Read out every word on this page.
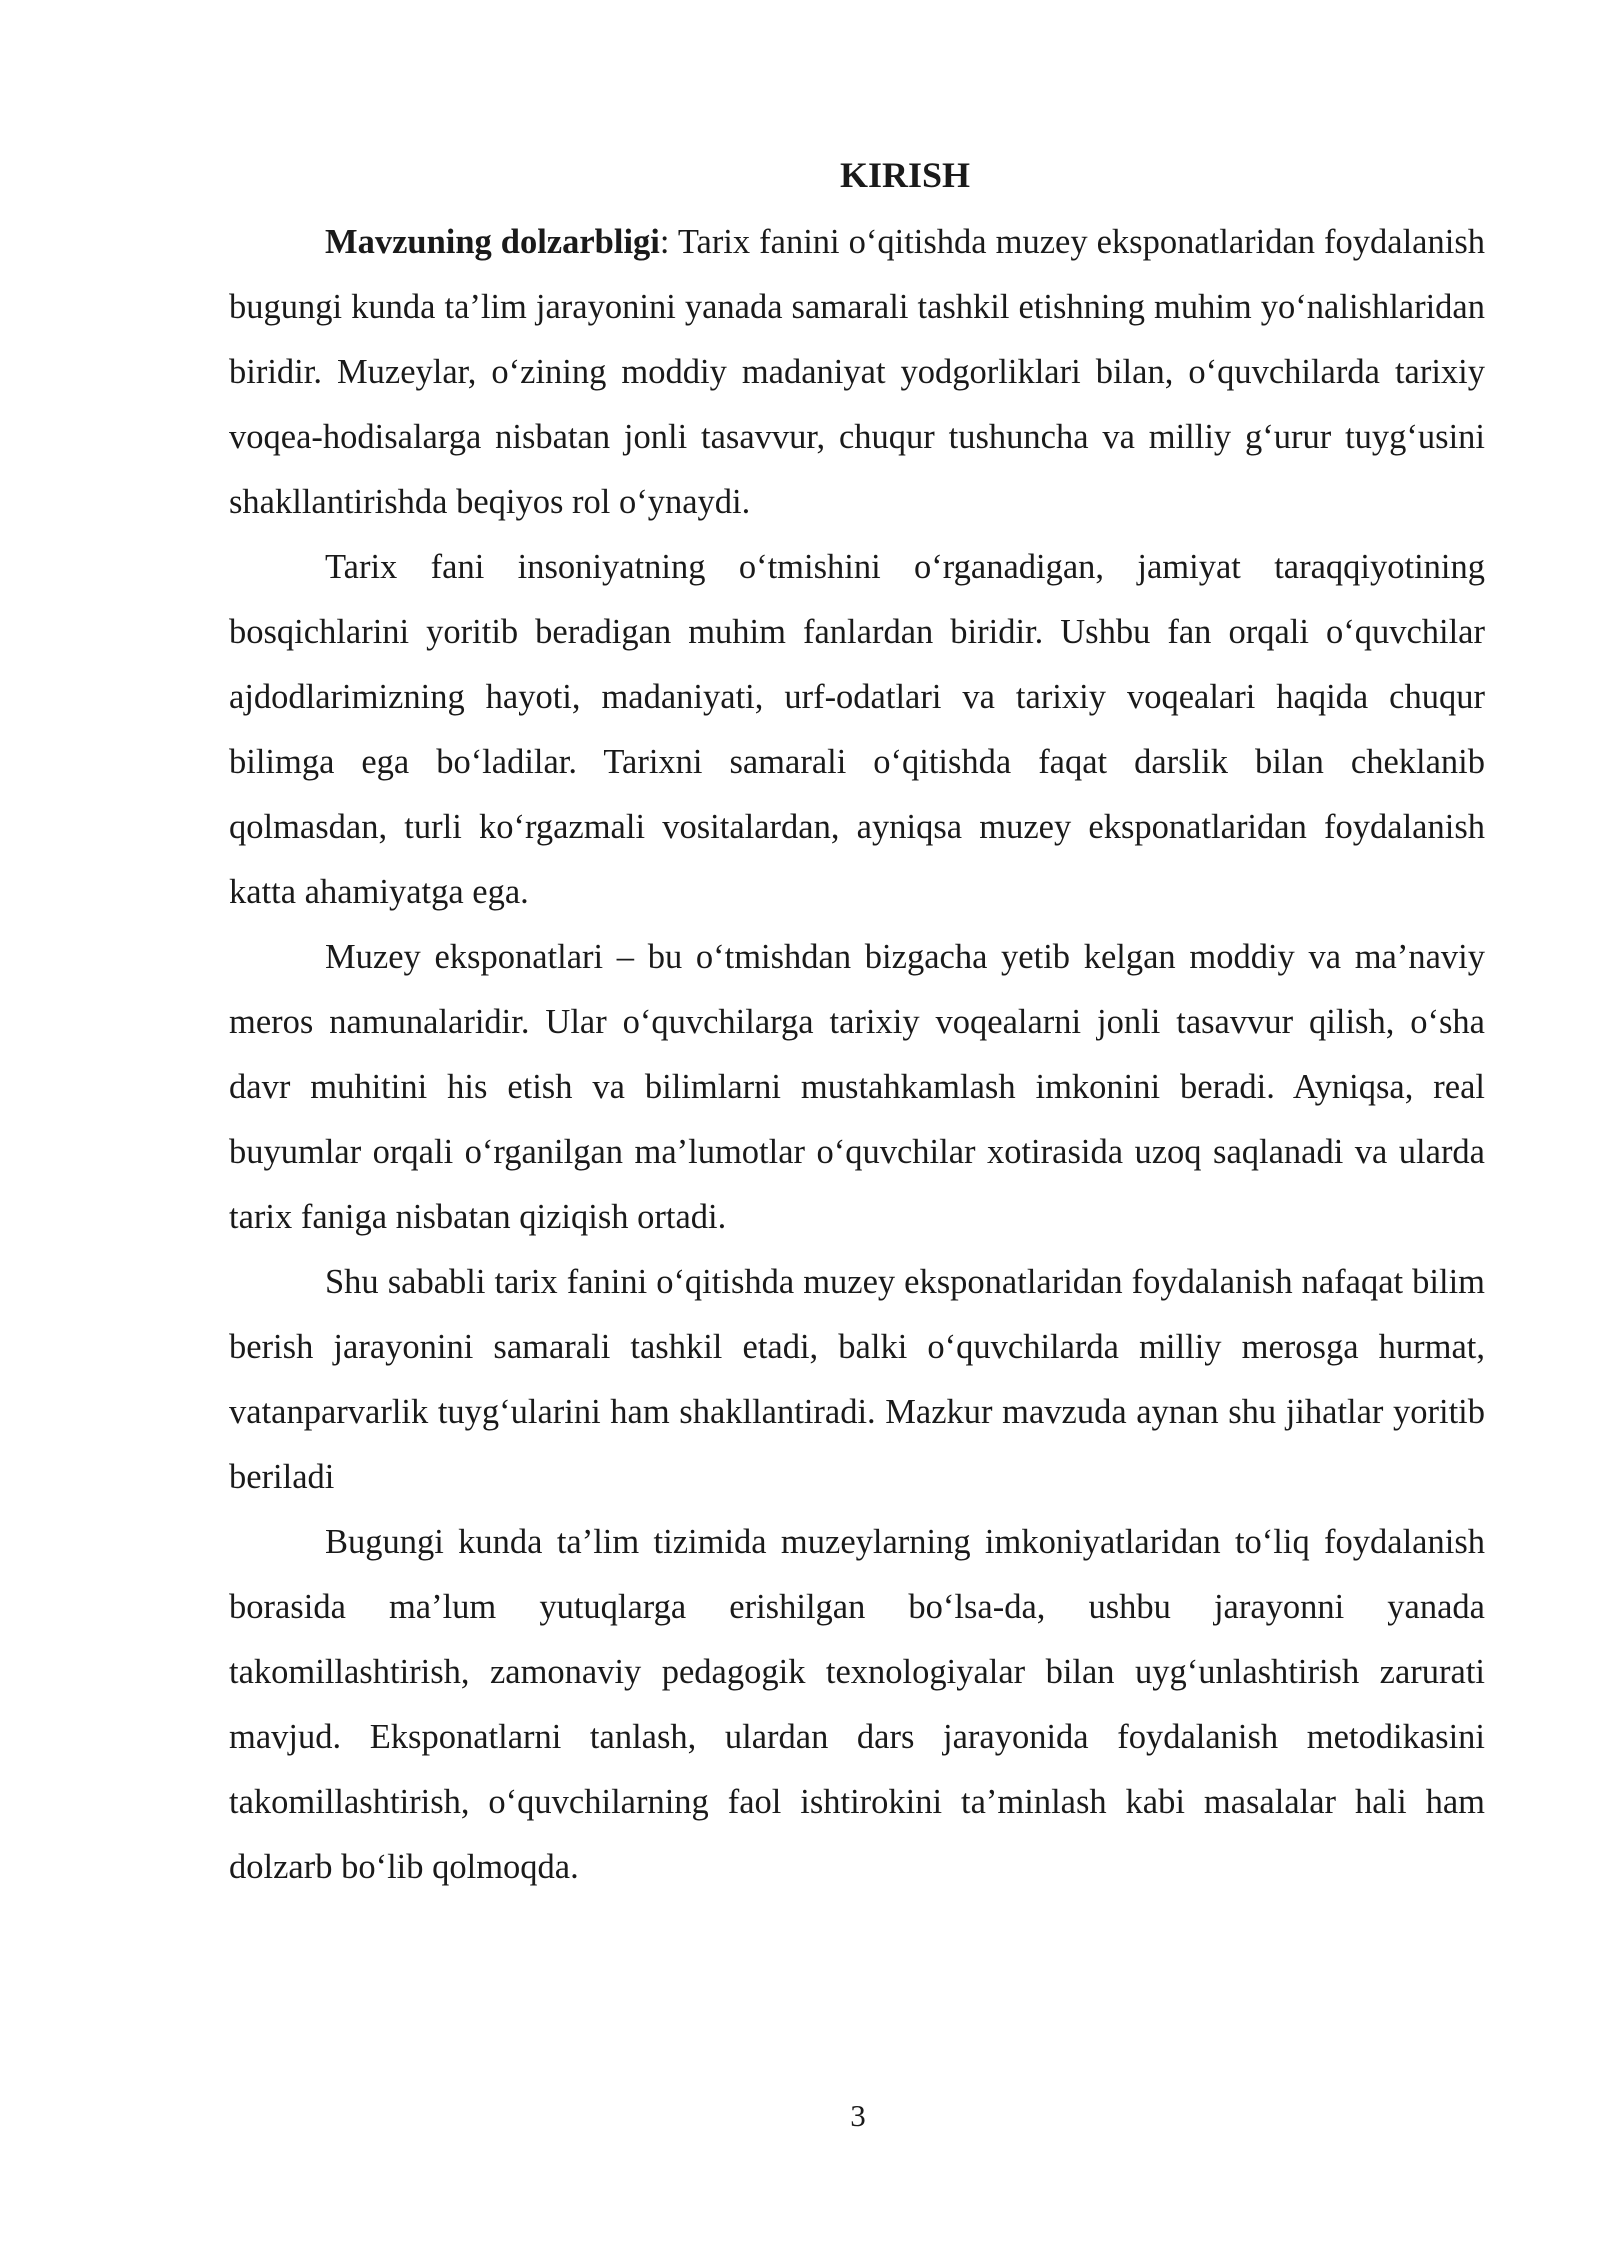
KIRISH

Mavzuning dolzarbligi: Tarix fanini o‘qitishda muzey eksponatlaridan foydalanish bugungi kunda ta’lim jarayonini yanada samarali tashkil etishning muhim yo‘nalishlaridan biridir. Muzeylar, o‘zining moddiy madaniyat yodgorliklari bilan, o‘quvchilarda tarixiy voqea-hodisalarga nisbatan jonli tasavvur, chuqur tushuncha va milliy g‘urur tuyg‘usini shakllantirishda beqiyos rol o‘ynaydi.

Tarix fani insoniyatning o‘tmishini o‘rganadigan, jamiyat taraqqiyotining bosqichlarini yoritib beradigan muhim fanlardan biridir. Ushbu fan orqali o‘quvchilar ajdodlarimizning hayoti, madaniyati, urf-odatlari va tarixiy voqealari haqida chuqur bilimga ega bo‘ladilar. Tarixni samarali o‘qitishda faqat darslik bilan cheklanib qolmasdan, turli ko‘rgazmali vositalardan, ayniqsa muzey eksponatlaridan foydalanish katta ahamiyatga ega.

Muzey eksponatlari – bu o‘tmishdan bizgacha yetib kelgan moddiy va ma’naviy meros namunalaridir. Ular o‘quvchilarga tarixiy voqealarni jonli tasavvur qilish, o‘sha davr muhitini his etish va bilimlarni mustahkamlash imkonini beradi. Ayniqsa, real buyumlar orqali o‘rganilgan ma’lumotlar o‘quvchilar xotirasida uzoq saqlanadi va ularda tarix faniga nisbatan qiziqish ortadi.

Shu sababli tarix fanini o‘qitishda muzey eksponatlaridan foydalanish nafaqat bilim berish jarayonini samarali tashkil etadi, balki o‘quvchilarda milliy merosga hurmat, vatanparvarlik tuyg‘ularini ham shakllantiradi. Mazkur mavzuda aynan shu jihatlar yoritib beriladi

Bugungi kunda ta’lim tizimida muzeylarning imkoniyatlaridan to‘liq foydalanish borasida ma’lum yutuqlarga erishilgan bo‘lsa-da, ushbu jarayonni yanada takomillashtirish, zamonaviy pedagogik texnologiyalar bilan uyg‘unlashtirish zarurati mavjud. Eksponatlarni tanlash, ulardan dars jarayonida foydalanish metodikasini takomillashtirish, o‘quvchilarning faol ishtirokini ta’minlash kabi masalalar hali ham dolzarb bo‘lib qolmoqda.

3
